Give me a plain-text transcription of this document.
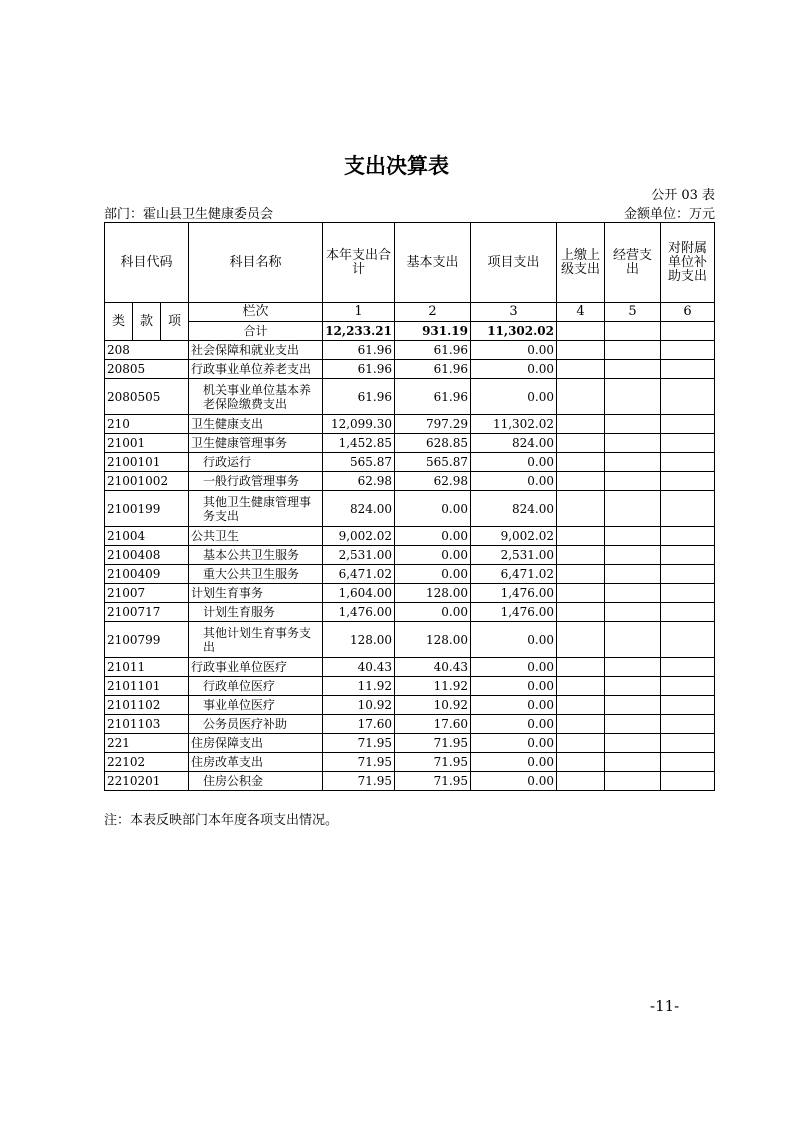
支出决算表
公开 03 表
部门：霍山县卫生健康委员会	金额单位：万元
科目代码			科目名称	本年支出合计	基本支出	项目支出	上缴上级支出	经营支出	对附属单位补助支出
类	款	项	栏次	1	2	3	4	5	6
			合计	12,233.21	931.19	11,302.02			
208			社会保障和就业支出	61.96	61.96	0.00			
20805			行政事业单位养老支出	61.96	61.96	0.00			
2080505			机关事业单位基本养老保险缴费支出	61.96	61.96	0.00			
210			卫生健康支出	12,099.30	797.29	11,302.02			
21001			卫生健康管理事务	1,452.85	628.85	824.00			
2100101			行政运行	565.87	565.87	0.00			
21001002			一般行政管理事务	62.98	62.98	0.00			
2100199			其他卫生健康管理事务支出	824.00	0.00	824.00			
21004			公共卫生	9,002.02	0.00	9,002.02			
2100408			基本公共卫生服务	2,531.00	0.00	2,531.00			
2100409			重大公共卫生服务	6,471.02	0.00	6,471.02			
21007			计划生育事务	1,604.00	128.00	1,476.00			
2100717			计划生育服务	1,476.00	0.00	1,476.00			
2100799			其他计划生育事务支出	128.00	128.00	0.00			
21011			行政事业单位医疗	40.43	40.43	0.00			
2101101			行政单位医疗	11.92	11.92	0.00			
2101102			事业单位医疗	10.92	10.92	0.00			
2101103			公务员医疗补助	17.60	17.60	0.00			
221			住房保障支出	71.95	71.95	0.00			
22102			住房改革支出	71.95	71.95	0.00			
2210201			住房公积金	71.95	71.95	0.00			
注：本表反映部门本年度各项支出情况。
-11-
